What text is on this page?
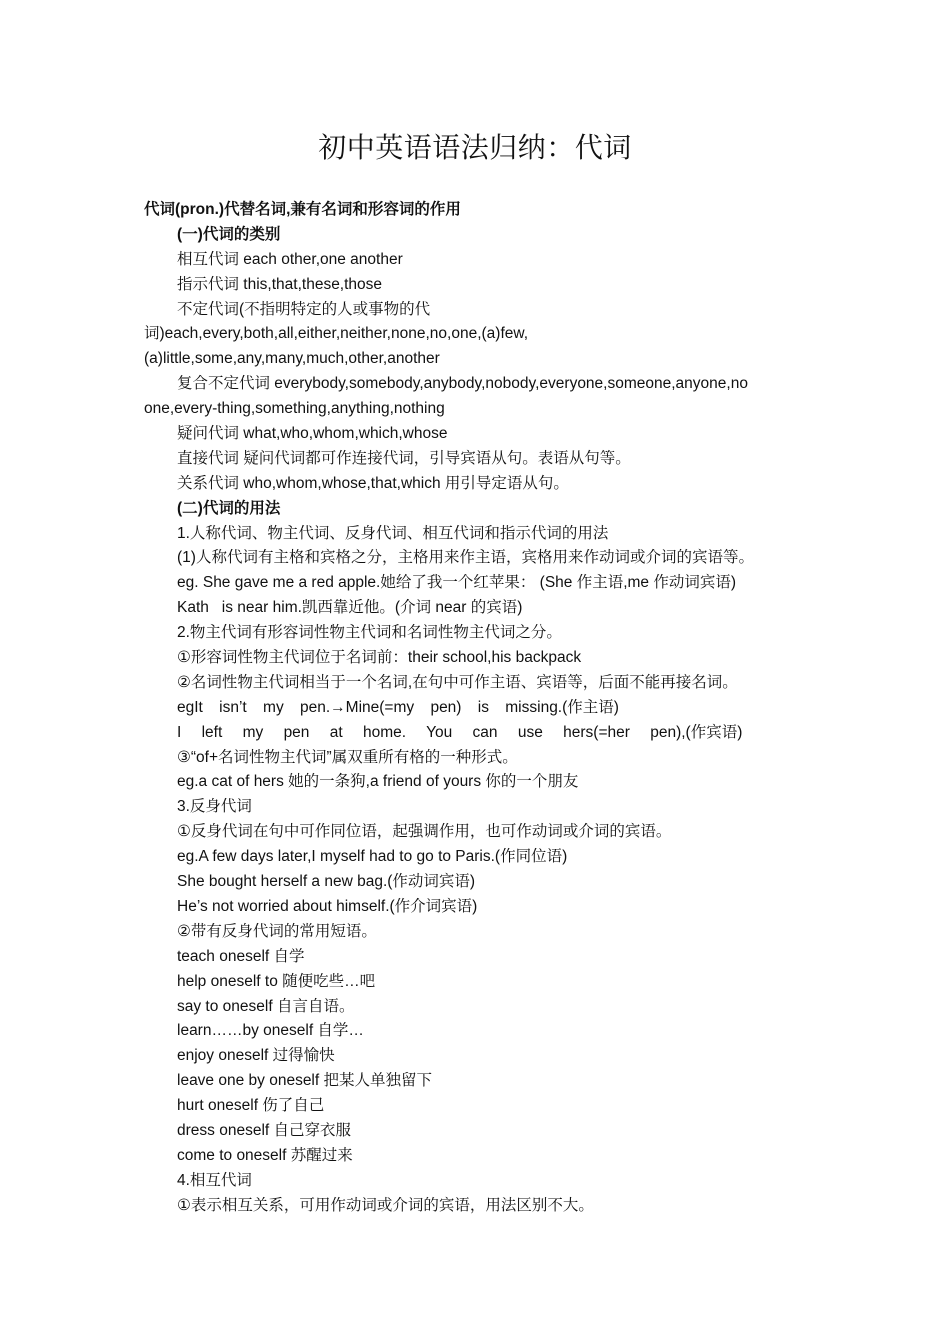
初中英语语法归纳：代词
代词(pron.)代替名词,兼有名词和形容词的作用
(一)代词的类别
相互代词 each other,one another
指示代词 this,that,these,those
不定代词(不指明特定的人或事物的代
词)each,every,both,all,either,neither,none,no,one,(a)few,
(a)little,some,any,many,much,other,another
复合不定代词 everybody,somebody,anybody,nobody,everyone,someone,anyone,no
one,every-thing,something,anything,nothing
疑问代词 what,who,whom,which,whose
直接代词 疑问代词都可作连接代词，引导宾语从句。表语从句等。
关系代词 who,whom,whose,that,which 用引导定语从句。
(二)代词的用法
1.人称代词、物主代词、反身代词、相互代词和指示代词的用法
(1)人称代词有主格和宾格之分，主格用来作主语，宾格用来作动词或介词的宾语等。
eg. She gave me a red apple.她给了我一个红苹果： (She 作主语,me 作动词宾语)
Kath   is near him.凯西靠近他。(介词 near 的宾语)
2.物主代词有形容词性物主代词和名词性物主代词之分。
①形容词性物主代词位于名词前：their school,his backpack
②名词性物主代词相当于一个名词,在句中可作主语、宾语等，后面不能再接名词。
egIt isn’t my pen.→Mine(=my pen) is missing.(作主语)
I left my pen at home. You can use hers(=her pen),(作宾语)
③“of+名词性物主代词”属双重所有格的一种形式。
eg.a cat of hers 她的一条狗,a friend of yours 你的一个朋友
3.反身代词
①反身代词在句中可作同位语，起强调作用，也可作动词或介词的宾语。
eg.A few days later,I myself had to go to Paris.(作同位语)
She bought herself a new bag.(作动词宾语)
He’s not worried about himself.(作介词宾语)
②带有反身代词的常用短语。
teach oneself 自学
help oneself to 随便吃些…吧
say to oneself 自言自语。
learn……by oneself 自学…
enjoy oneself 过得愉快
leave one by oneself 把某人单独留下
hurt oneself 伤了自己
dress oneself 自己穿衣服
come to oneself 苏醒过来
4.相互代词
①表示相互关系，可用作动词或介词的宾语，用法区别不大。
